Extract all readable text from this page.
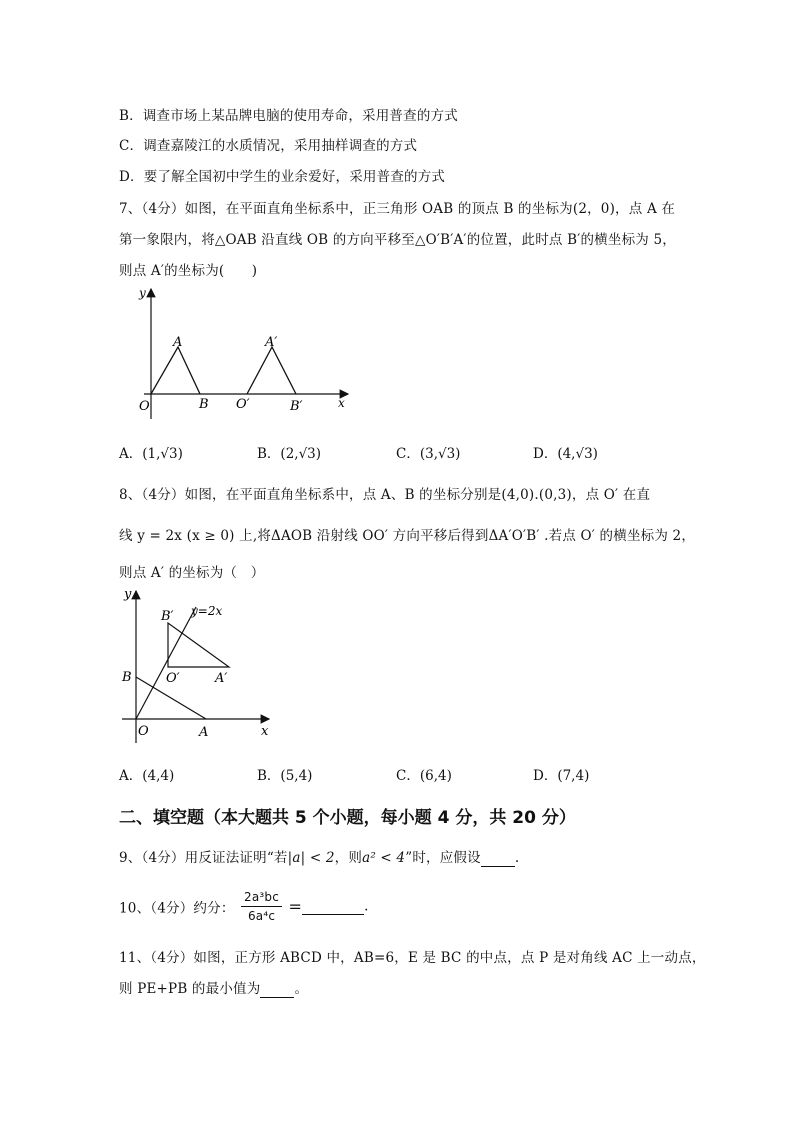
B．调查市场上某品牌电脑的使用寿命，采用普查的方式
C．调查嘉陵江的水质情况，采用抽样调查的方式
D．要了解全国初中学生的业余爱好，采用普查的方式
7、（4分）如图，在平面直角坐标系中，正三角形 OAB 的顶点 B 的坐标为(2，0)，点 A 在
第一象限内，将△OAB 沿直线 OB 的方向平移至△O′B′A′的位置，此时点 B′的横坐标为 5，
则点 A′的坐标为(　　)
y
x
O
A
B O′
A′
B′
A．(1,√3)	B．(2,√3)	C．(3,√3)	D．(4,√3)
8、（4分）如图，在平面直角坐标系中，点 A、B 的坐标分别是(4,0).(0,3)，点 O′ 在直
线 y = 2x (x ≥ 0) 上,将ΔAOB 沿射线 OO′ 方向平移后得到ΔA′O′B′ .若点 O′ 的横坐标为 2，
则点 A′ 的坐标为（　）
y
x
y=2x
O	A
B
B′
O′	A′
A．(4,4)	B．(5,4)	C．(6,4)	D．(7,4)
二、填空题（本大题共 5 个小题，每小题 4 分，共 20 分）
9、（4分）用反证法证明“若|a| < 2，则a² < 4”时，应假设	.
10、（4分）约分： $\frac{\text{2a³bc}}{\text{6a⁴c}}$ =	.
11、（4分）如图，正方形 ABCD 中，AB=6，E 是 BC 的中点，点 P 是对角线 AC 上一动点，
则 PE+PB 的最小值为	。
